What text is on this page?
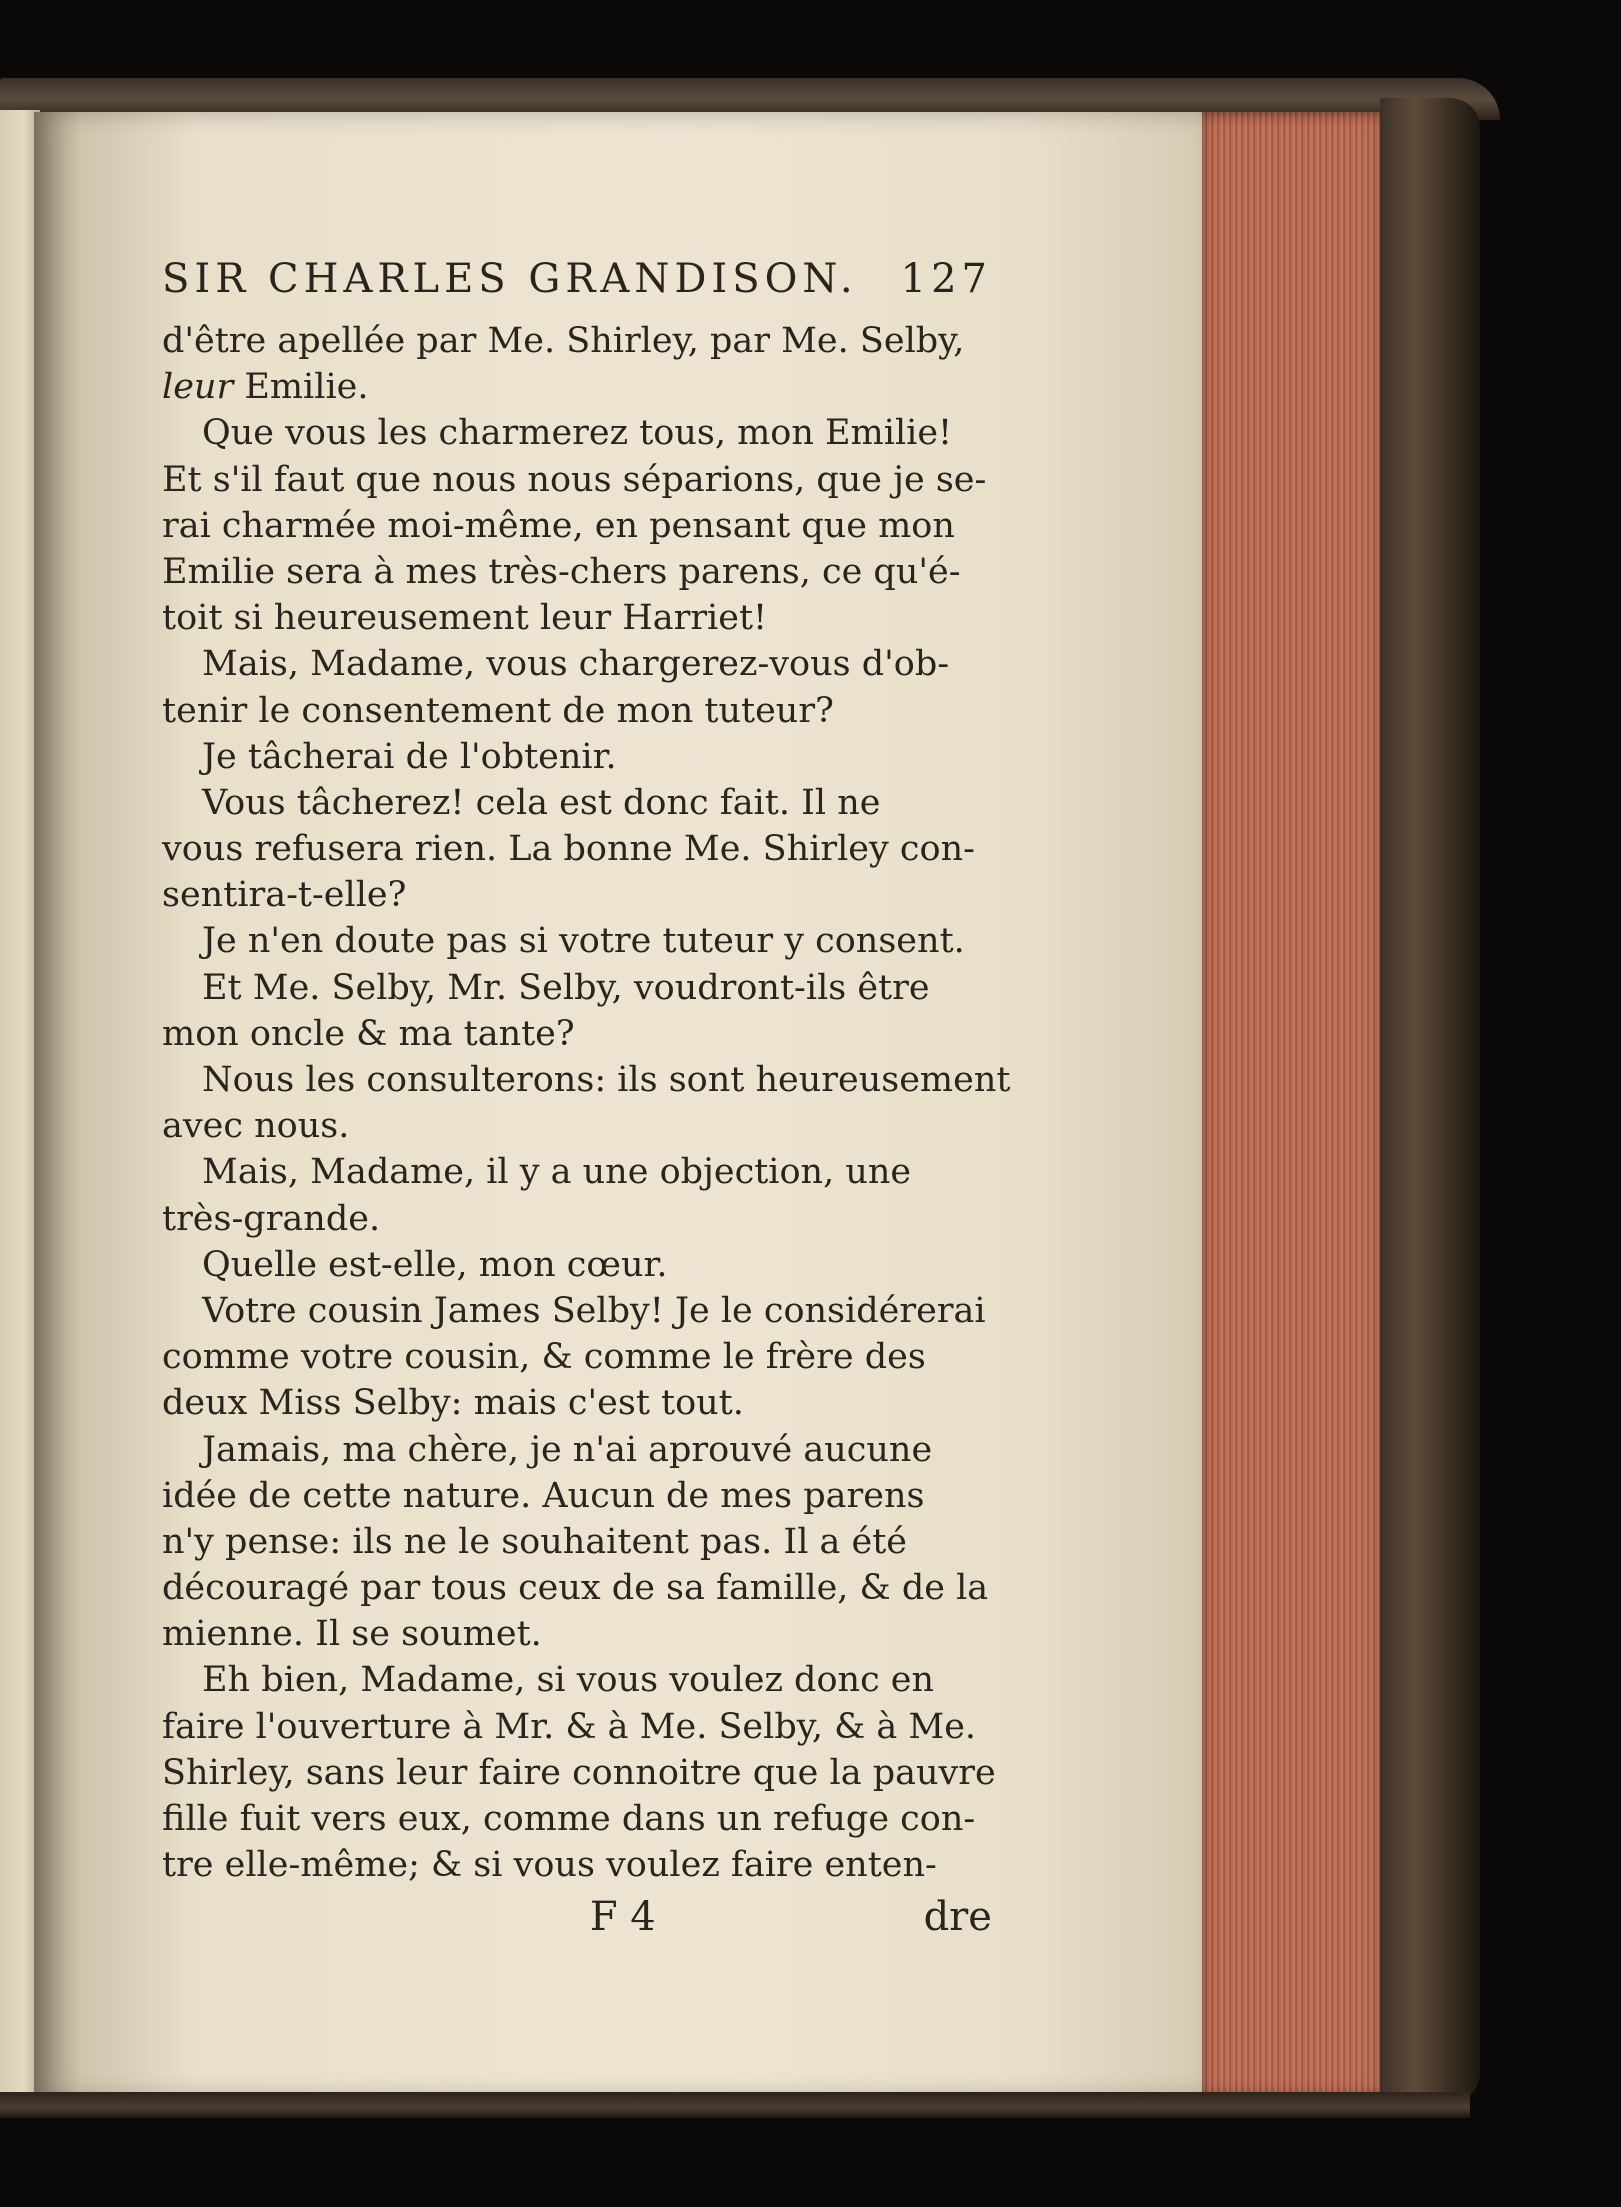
SIR CHARLES GRANDISON. 127
d'être apellée par Me. Shirley, par Me. Selby,
leur Emilie.
Que vous les charmerez tous, mon Emilie!
Et s'il faut que nous nous séparions, que je se-
rai charmée moi-même, en pensant que mon
Emilie sera à mes très-chers parens, ce qu'é-
toit si heureusement leur Harriet!
Mais, Madame, vous chargerez-vous d'ob-
tenir le consentement de mon tuteur?
Je tâcherai de l'obtenir.
Vous tâcherez! cela est donc fait. Il ne
vous refusera rien. La bonne Me. Shirley con-
sentira-t-elle?
Je n'en doute pas si votre tuteur y consent.
Et Me. Selby, Mr. Selby, voudront-ils être
mon oncle & ma tante?
Nous les consulterons: ils sont heureusement
avec nous.
Mais, Madame, il y a une objection, une
très-grande.
Quelle est-elle, mon cœur.
Votre cousin James Selby! Je le considérerai
comme votre cousin, & comme le frère des
deux Miss Selby: mais c'est tout.
Jamais, ma chère, je n'ai aprouvé aucune
idée de cette nature. Aucun de mes parens
n'y pense: ils ne le souhaitent pas. Il a été
découragé par tous ceux de sa famille, & de la
mienne. Il se soumet.
Eh bien, Madame, si vous voulez donc en
faire l'ouverture à Mr. & à Me. Selby, & à Me.
Shirley, sans leur faire connoitre que la pauvre
fille fuit vers eux, comme dans un refuge con-
tre elle-même; & si vous voulez faire enten-
F 4	dre
